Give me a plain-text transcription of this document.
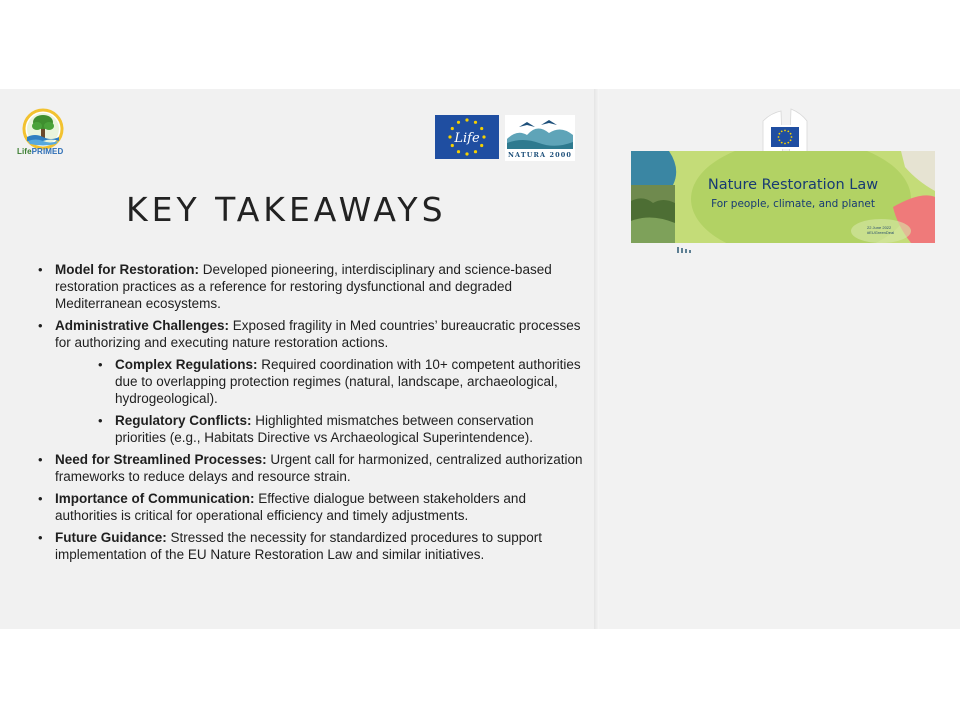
LifePRIMED
Life
NATURA 2000
KEY TAKEAWAYS
• Model for Restoration: Developed pioneering, interdisciplinary and science-based restoration practices as a reference for restoring dysfunctional and degraded Mediterranean ecosystems.
• Administrative Challenges: Exposed fragility in Med countries’ bureaucratic processes for authorizing and executing nature restoration actions.
• Complex Regulations: Required coordination with 10+ competent authorities due to overlapping protection regimes (natural, landscape, archaeological, hydrogeological).
• Regulatory Conflicts: Highlighted mismatches between conservation priorities (e.g., Habitats Directive vs Archaeological Superintendence).
• Need for Streamlined Processes: Urgent call for harmonized, centralized authorization frameworks to reduce delays and resource strain.
• Importance of Communication: Effective dialogue between stakeholders and authorities is critical for operational efficiency and timely adjustments.
• Future Guidance: Stressed the necessity for standardized procedures to support implementation of the EU Nature Restoration Law and similar initiatives.
Nature Restoration Law
For people, climate, and planet
22 June 2022
#EUGreenDeal
